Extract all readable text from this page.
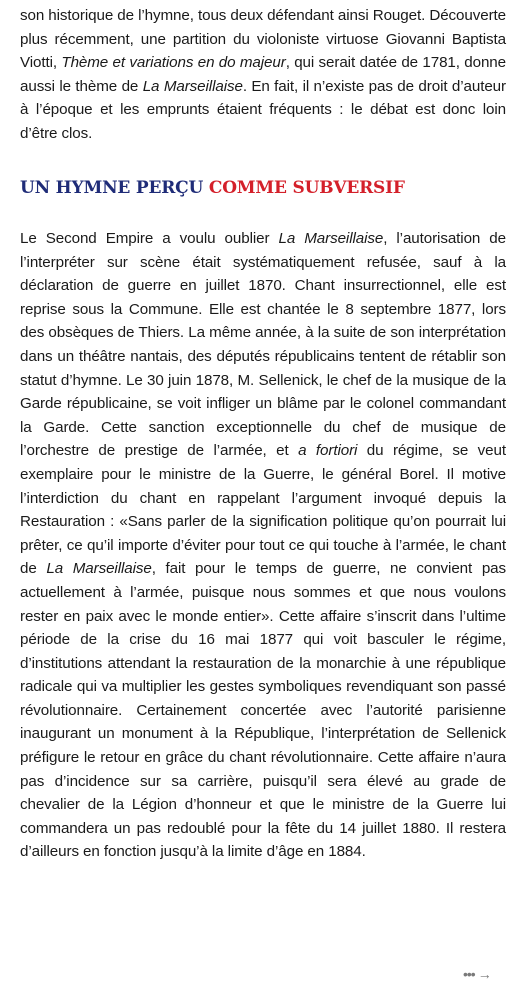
son historique de l’hymne, tous deux défendant ainsi Rouget. Découverte plus récemment, une partition du violoniste virtuose Giovanni Baptista Viotti, Thème et variations en do majeur, qui serait datée de 1781, donne aussi le thème de La Marseillaise. En fait, il n’existe pas de droit d’auteur à l’époque et les emprunts étaient fréquents : le débat est donc loin d’être clos.

UN HYMNE PERÇU COMME SUBVERSIF

Le Second Empire a voulu oublier La Marseillaise, l’autorisation de l’interpréter sur scène était systématiquement refusée, sauf à la déclaration de guerre en juillet 1870. Chant insurrectionnel, elle est reprise sous la Commune. Elle est chantée le 8 septembre 1877, lors des obsèques de Thiers. La même année, à la suite de son interprétation dans un théâtre nantais, des députés républicains tentent de rétablir son statut d’hymne. Le 30 juin 1878, M. Sellenick, le chef de la musique de la Garde républicaine, se voit infliger un blâme par le colonel commandant la Garde. Cette sanction exceptionnelle du chef de musique de l’orchestre de prestige de l’armée, et a fortiori du régime, se veut exemplaire pour le ministre de la Guerre, le général Borel. Il motive l’interdiction du chant en rappelant l’argument invoqué depuis la Restauration : «Sans parler de la signification politique qu’on pourrait lui prêter, ce qu’il importe d’éviter pour tout ce qui touche à l’armée, le chant de La Marseillaise, fait pour le temps de guerre, ne convient pas actuellement à l’armée, puisque nous sommes et que nous voulons rester en paix avec le monde entier». Cette affaire s’inscrit dans l’ultime période de la crise du 16 mai 1877 qui voit basculer le régime, d’institutions attendant la restauration de la monarchie à une république radicale qui va multiplier les gestes symboliques revendiquant son passé révolutionnaire. Certainement concertée avec l’autorité parisienne inaugurant un monument à la République, l’interprétation de Sellenick préfigure le retour en grâce du chant révolutionnaire. Cette affaire n’aura pas d’incidence sur sa carrière, puisqu’il sera élevé au grade de chevalier de la Légion d’honneur et que le ministre de la Guerre lui commandera un pas redoublé pour la fête du 14 juillet 1880. Il restera d’ailleurs en fonction jusqu’à la limite d’âge en 1884.

••• →
